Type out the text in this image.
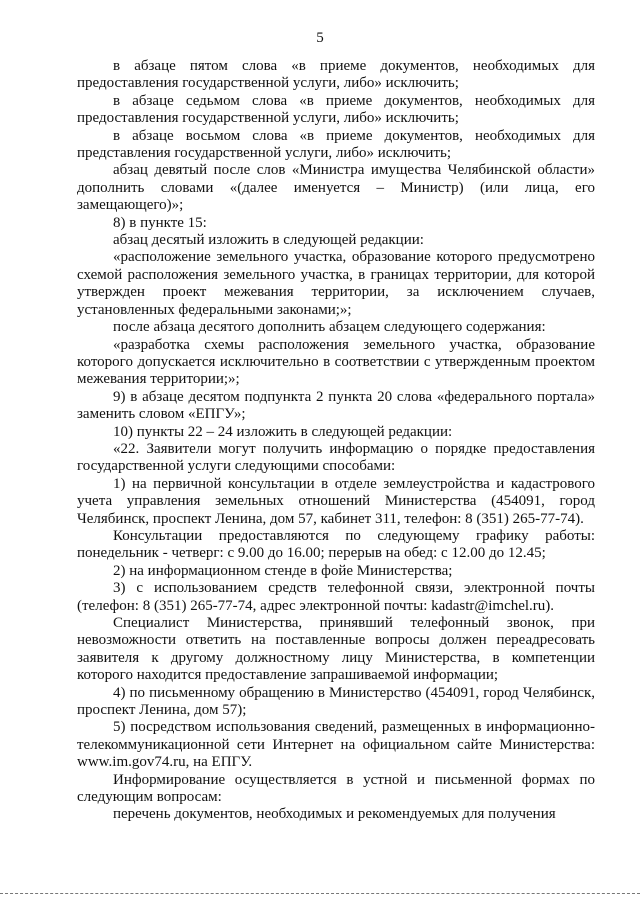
5

в абзаце пятом слова «в приеме документов, необходимых для предоставления государственной услуги, либо» исключить;

в абзаце седьмом слова «в приеме документов, необходимых для предоставления государственной услуги, либо» исключить;

в абзаце восьмом слова «в приеме документов, необходимых для представления государственной услуги, либо» исключить;

абзац девятый после слов «Министра имущества Челябинской области» дополнить словами «(далее именуется – Министр) (или лица, его замещающего)»;

8) в пункте 15:

абзац десятый изложить в следующей редакции:

«расположение земельного участка, образование которого предусмотрено схемой расположения земельного участка, в границах территории, для которой утвержден проект межевания территории, за исключением случаев, установленных федеральными законами;»;

после абзаца десятого дополнить абзацем следующего содержания:

«разработка схемы расположения земельного участка, образование которого допускается исключительно в соответствии с утвержденным проектом межевания территории;»;

9) в абзаце десятом подпункта 2 пункта 20 слова «федерального портала» заменить словом «ЕПГУ»;

10) пункты 22 – 24 изложить в следующей редакции:

«22. Заявители могут получить информацию о порядке предоставления государственной услуги следующими способами:

1) на первичной консультации в отделе землеустройства и кадастрового учета управления земельных отношений Министерства (454091, город Челябинск, проспект Ленина, дом 57, кабинет 311, телефон: 8 (351) 265-77-74).

Консультации предоставляются по следующему графику работы: понедельник - четверг: с 9.00 до 16.00; перерыв на обед: с 12.00 до 12.45;

2) на информационном стенде в фойе Министерства;

3) с использованием средств телефонной связи, электронной почты (телефон: 8 (351) 265-77-74, адрес электронной почты: kadastr@imchel.ru).

Специалист Министерства, принявший телефонный звонок, при невозможности ответить на поставленные вопросы должен переадресовать заявителя к другому должностному лицу Министерства, в компетенции которого находится предоставление запрашиваемой информации;

4) по письменному обращению в Министерство (454091, город Челябинск, проспект Ленина, дом 57);

5) посредством использования сведений, размещенных в информационно-телекоммуникационной сети Интернет на официальном сайте Министерства: www.im.gov74.ru, на ЕПГУ.

Информирование осуществляется в устной и письменной формах по следующим вопросам:

перечень документов, необходимых и рекомендуемых для получения
